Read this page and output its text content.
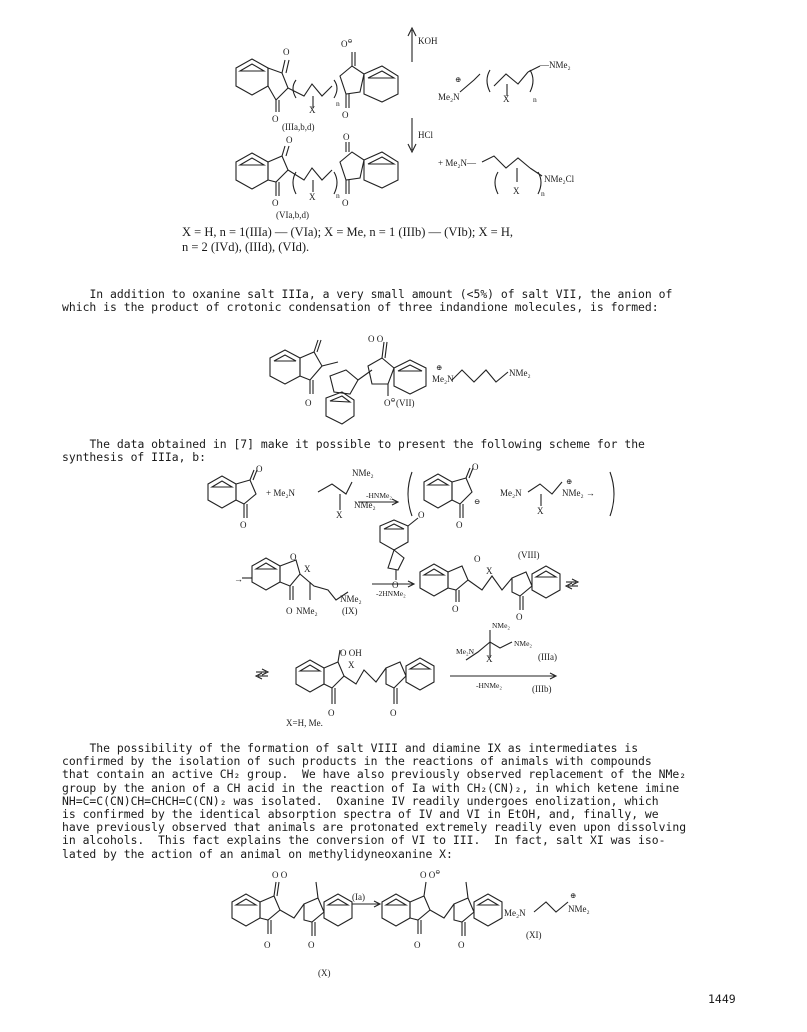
KOH
HCl
O
O⊖
O	O
X
n
(IIIa,b,d)
Me₂N
⊕
—NMe₂
X	n
O	O
O	O
X	n
(VIa,b,d)
+ Me₂N—
X	n
NMe₂Cl
X = H, n = 1(IIIa) — (VIa); X = Me, n = 1 (IIIb) — (VIb); X = H,
n = 2 (IVd), (IIId), (VId).
In addition to oxanine salt IIIa, a very small amount (<5%) of salt VII, the anion of
which is the product of crotonic condensation of three indandione molecules, is formed:
O O
O	O⊖
Me₂N
⊕
NMe₂
(VII)
The data obtained in [7] make it possible to present the following scheme for the
synthesis of IIIa, b:
O
O
+ Me₂N
NMe₂
NMe₂
X
-HNMe₂
O
⊖
O
Me₂N
⊕
NMe₂ →
X
O
O
(VIII)
→
O
X
NMe₂
O NMe₂	(IX)
-2HNMe₂
O
X
O
O
NMe₂
Me₂N
NMe₂
X	(IIIa)
-HNMe₂	(IIIb)
O OH
X
O	O
X=H, Me.
The possibility of the formation of salt VIII and diamine IX as intermediates is
confirmed by the isolation of such products in the reactions of animals with compounds
that contain an active CH₂ group.  We have also previously observed replacement of the NMe₂
group by the anion of a CH acid in the reaction of Ia with CH₂(CN)₂, in which ketene imine
NH=C=C(CN)CH=CHCH=C(CN)₂ was isolated.  Oxanine IV readily undergoes enolization, which
is confirmed by the identical absorption spectra of IV and VI in EtOH, and, finally, we
have previously observed that animals are protonated extremely readily even upon dissolving
in alcohols.  This fact explains the conversion of VI to III.  In fact, salt XI was iso-
lated by the action of an animal on methylidyneoxanine X:
O O	O O⊖
(Ia)
O	O	O	O
Me₂N
⊕
NMe₂
(XI)
(X)
1449
